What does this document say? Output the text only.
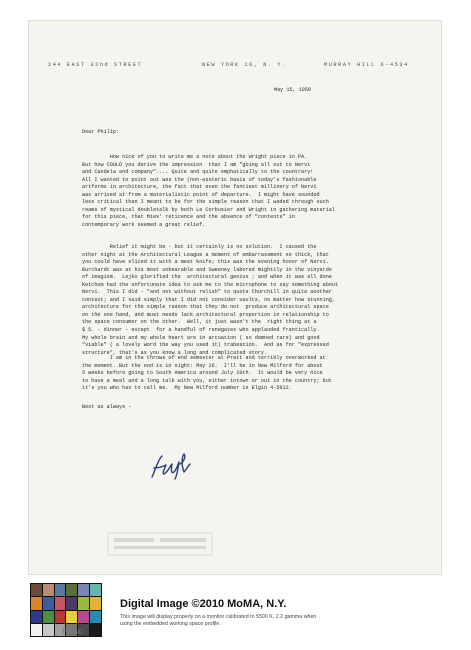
244 EAST 32nd STREET	NEW YORK 16, N. Y.	MURRAY HILL 6-4534
May 15, 1959
Dear Philip:
How nice of you to write me a note about the Wright piece in PA.
But how COULD you derive the impression  that I am "going all out to Nervi
and Candela and company".... Quite and quite emphatically to the countrary!
All I wanted to point out was the (non-esoteric basis of today's fashionable
artforms in architecture, the fact that even the fanciest millinery of Nervi
was arrived at from a materialistic point of departure.  I might have sounded
less critical than I meant to be for the simple reason that I waded through such
reams of mystical doubletalk by both Le Corbusier and Wright in gathering material
for this piece, that Mies' reticence and the absence of "contents" in
contemporary work seemed a great relief.
Relief it might be - but it certainly is no solution.  I caused the
other night at the Architectural League a moment of embarrassment so thick, that
you could have sliced it with a meat knife; this was the evening honor of Nervi.
Burchardt was at his most unbearable and Sweeney labored mightily in the vinyards
of imagism.  Lejko glorified the  architectural genius ; and when it was all done
Ketchum had the unfortunate idea to ask me to the microphone to say something about
Nervi.  This I did - "and not without relish" to quote Churchill in quite another
context; and I said simply that I did not consider vaults, no matter how stunning,
architecture for the simple reason that they do not  produce architectural space
on the one hand, and must needs lack architectural proportion in relationship to
the space consumer on the other.  Well, it just wasn't the  right thing at a
$ 5. - dinner - except  for a handful of renegates who applauded frantically.
My whole brain and my whole heart are in arcuation ( so damned rare) and good
"viable" ( a lovely word the way you used it) trabeation.  And as for "expressed
structure", that's as you know a long and complicated story.
I am in the throws of end semester at Pratt and terribly overworked at
the moment. But the end is in sight: May 26.  I'll be in New Milford for about
5 weeks before going to South America around July 10th.  It would be very nice
to have a meal and a long talk with you, either intown or out in the country; but
it's you who has to call me.  My New Milford number is Elgin 4-5912.
Best as always -
Reso
Digital Image ©2010 MoMA, N.Y.
This image will display properly on a monitor calibrated to 5500 K, 2.2 gamma when using the embedded working space profile.
